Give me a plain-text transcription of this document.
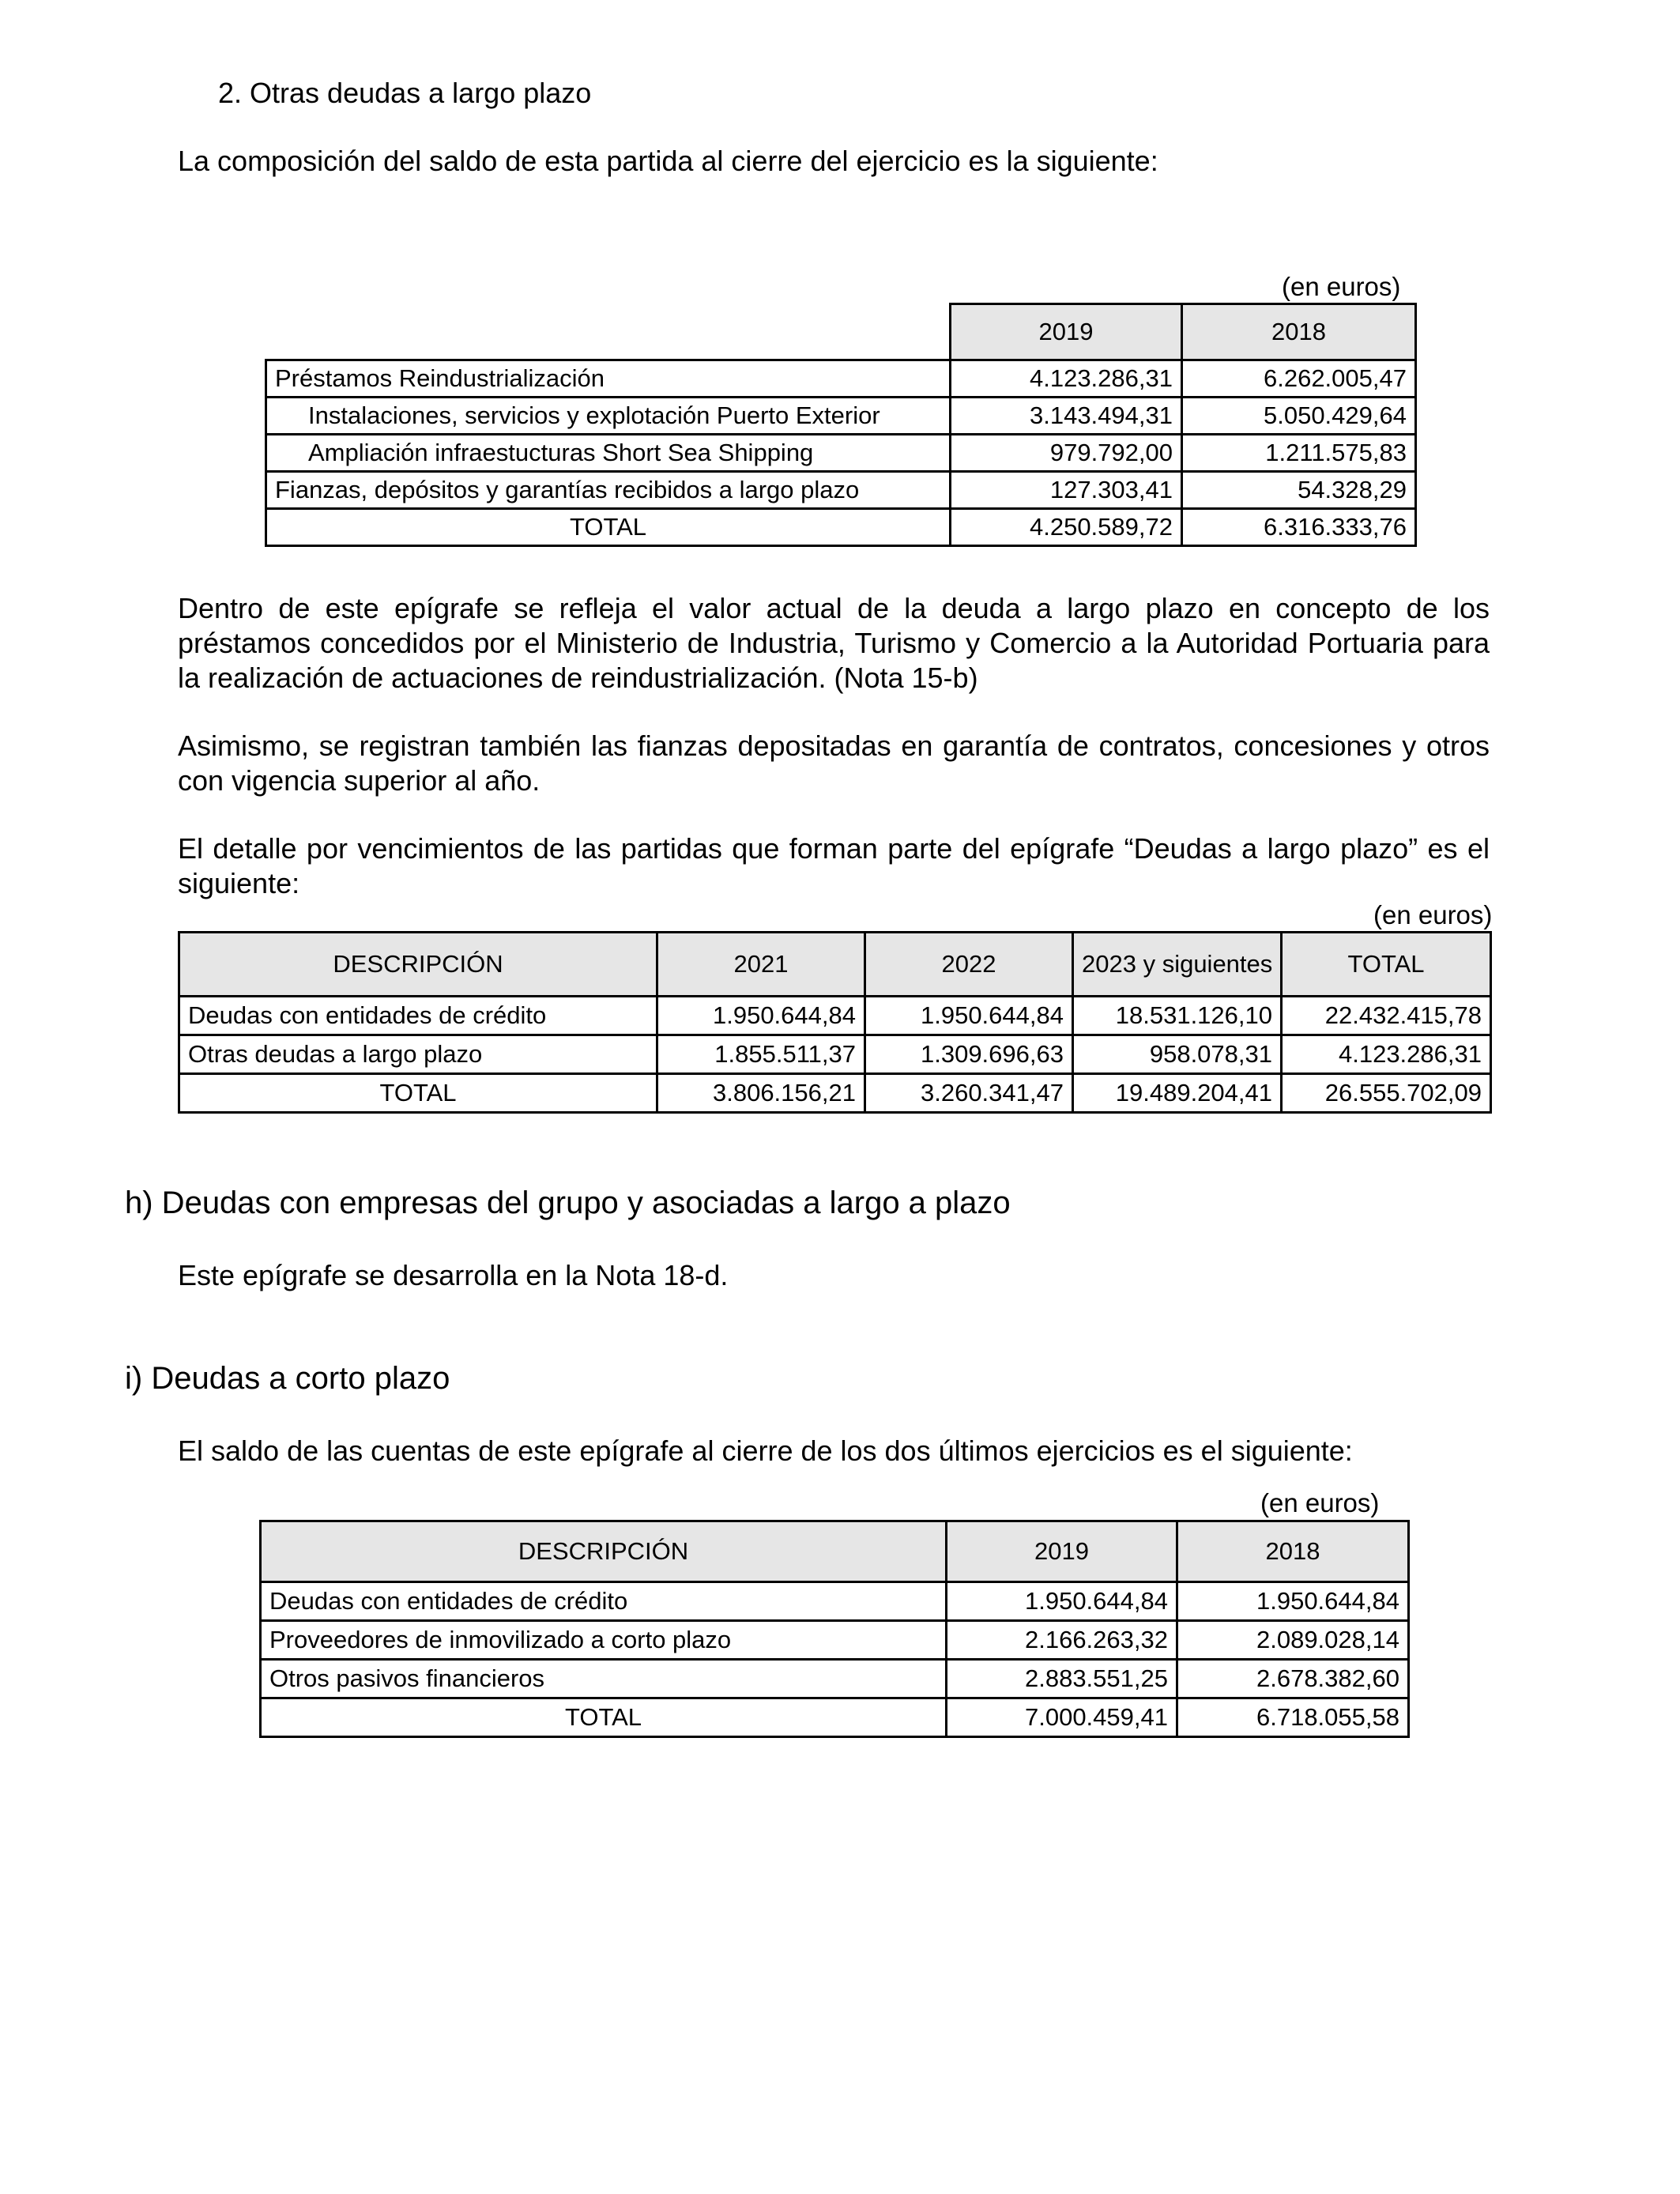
2. Otras deudas a largo plazo
La composición del saldo de esta partida al cierre del ejercicio es la siguiente:
(en euros)
	2019	2018
Préstamos Reindustrialización	4.123.286,31	6.262.005,47
Instalaciones, servicios y explotación Puerto Exterior	3.143.494,31	5.050.429,64
Ampliación infraestucturas Short Sea Shipping	979.792,00	1.211.575,83
Fianzas, depósitos y garantías recibidos a largo plazo	127.303,41	54.328,29
TOTAL	4.250.589,72	6.316.333,76
Dentro de este epígrafe se refleja el valor actual de la deuda a largo plazo en concepto de los préstamos concedidos por el Ministerio de Industria, Turismo y Comercio a la Autoridad Portuaria para la realización de actuaciones de reindustrialización. (Nota 15-b)
Asimismo, se registran también las fianzas depositadas en garantía de contratos, concesiones y otros con vigencia superior al año.
El detalle por vencimientos de las partidas que forman parte del epígrafe “Deudas a largo plazo” es el siguiente:
(en euros)
DESCRIPCIÓN	2021	2022	2023 y siguientes	TOTAL
Deudas con entidades de crédito	1.950.644,84	1.950.644,84	18.531.126,10	22.432.415,78
Otras deudas a largo plazo	1.855.511,37	1.309.696,63	958.078,31	4.123.286,31
TOTAL	3.806.156,21	3.260.341,47	19.489.204,41	26.555.702,09
h) Deudas con empresas del grupo y asociadas a largo a plazo
Este epígrafe se desarrolla en la Nota 18-d.
i) Deudas a corto plazo
El saldo de las cuentas de este epígrafe al cierre de los dos últimos ejercicios es el siguiente:
(en euros)
DESCRIPCIÓN	2019	2018
Deudas con entidades de crédito	1.950.644,84	1.950.644,84
Proveedores de inmovilizado a corto plazo	2.166.263,32	2.089.028,14
Otros pasivos financieros	2.883.551,25	2.678.382,60
TOTAL	7.000.459,41	6.718.055,58
